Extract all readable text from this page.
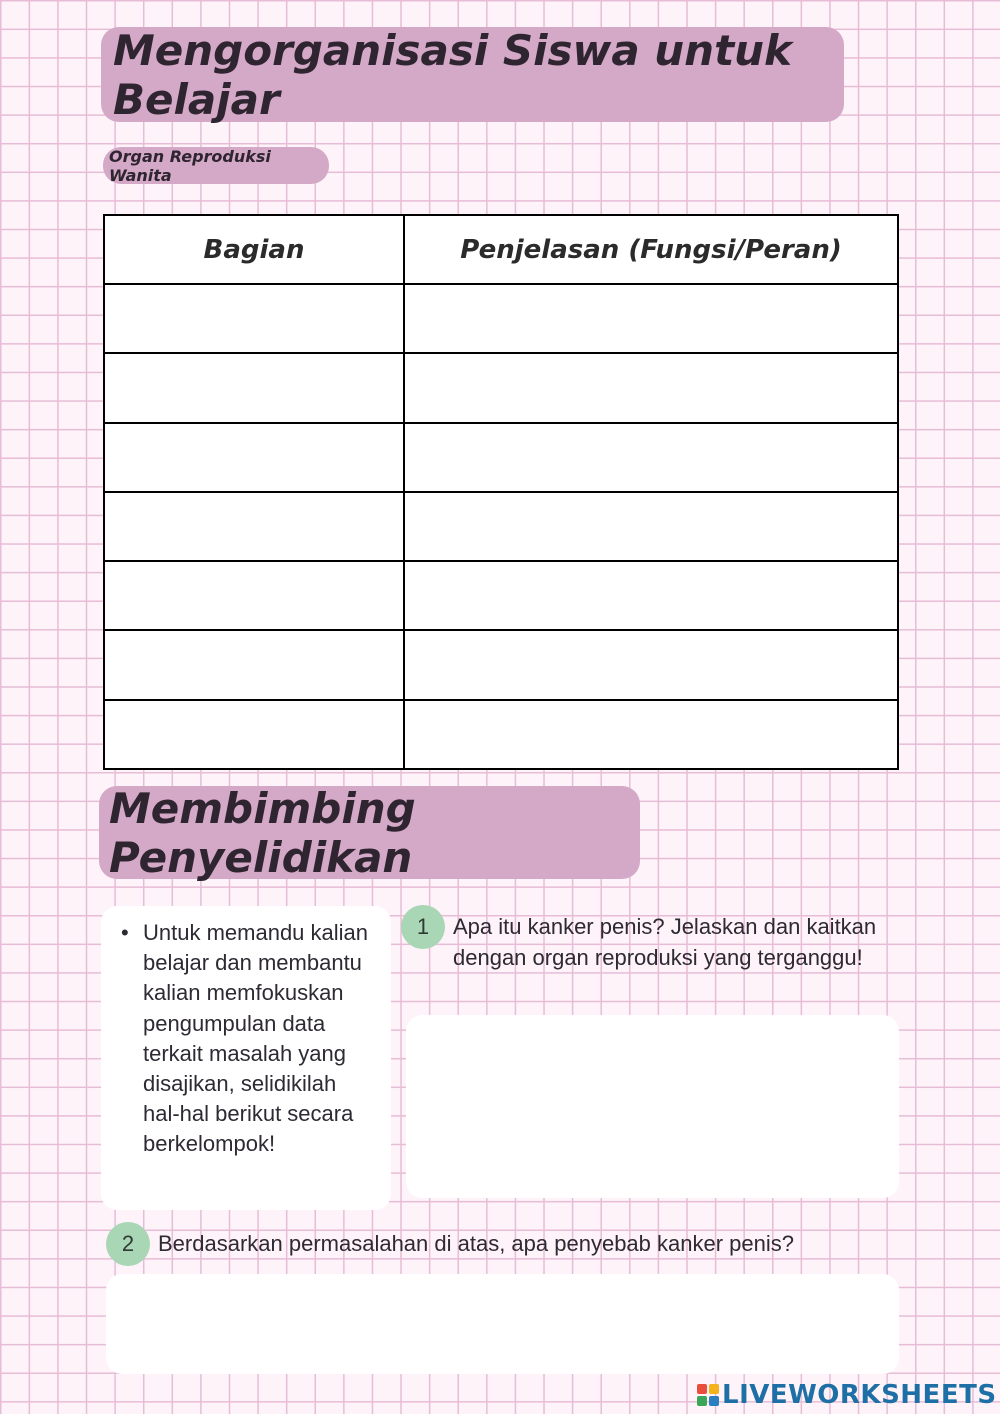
Mengorganisasi Siswa untuk Belajar
Organ Reproduksi Wanita
Bagian	Penjelasan (Fungsi/Peran)

Membimbing Penyelidikan
• Untuk memandu kalian belajar dan membantu kalian memfokuskan pengumpulan data terkait masalah yang disajikan, selidikilah hal-hal berikut secara berkelompok!
1	Apa itu kanker penis? Jelaskan dan kaitkan dengan organ reproduksi yang terganggu!
2	Berdasarkan permasalahan di atas, apa penyebab kanker penis?
LIVEWORKSHEETS
